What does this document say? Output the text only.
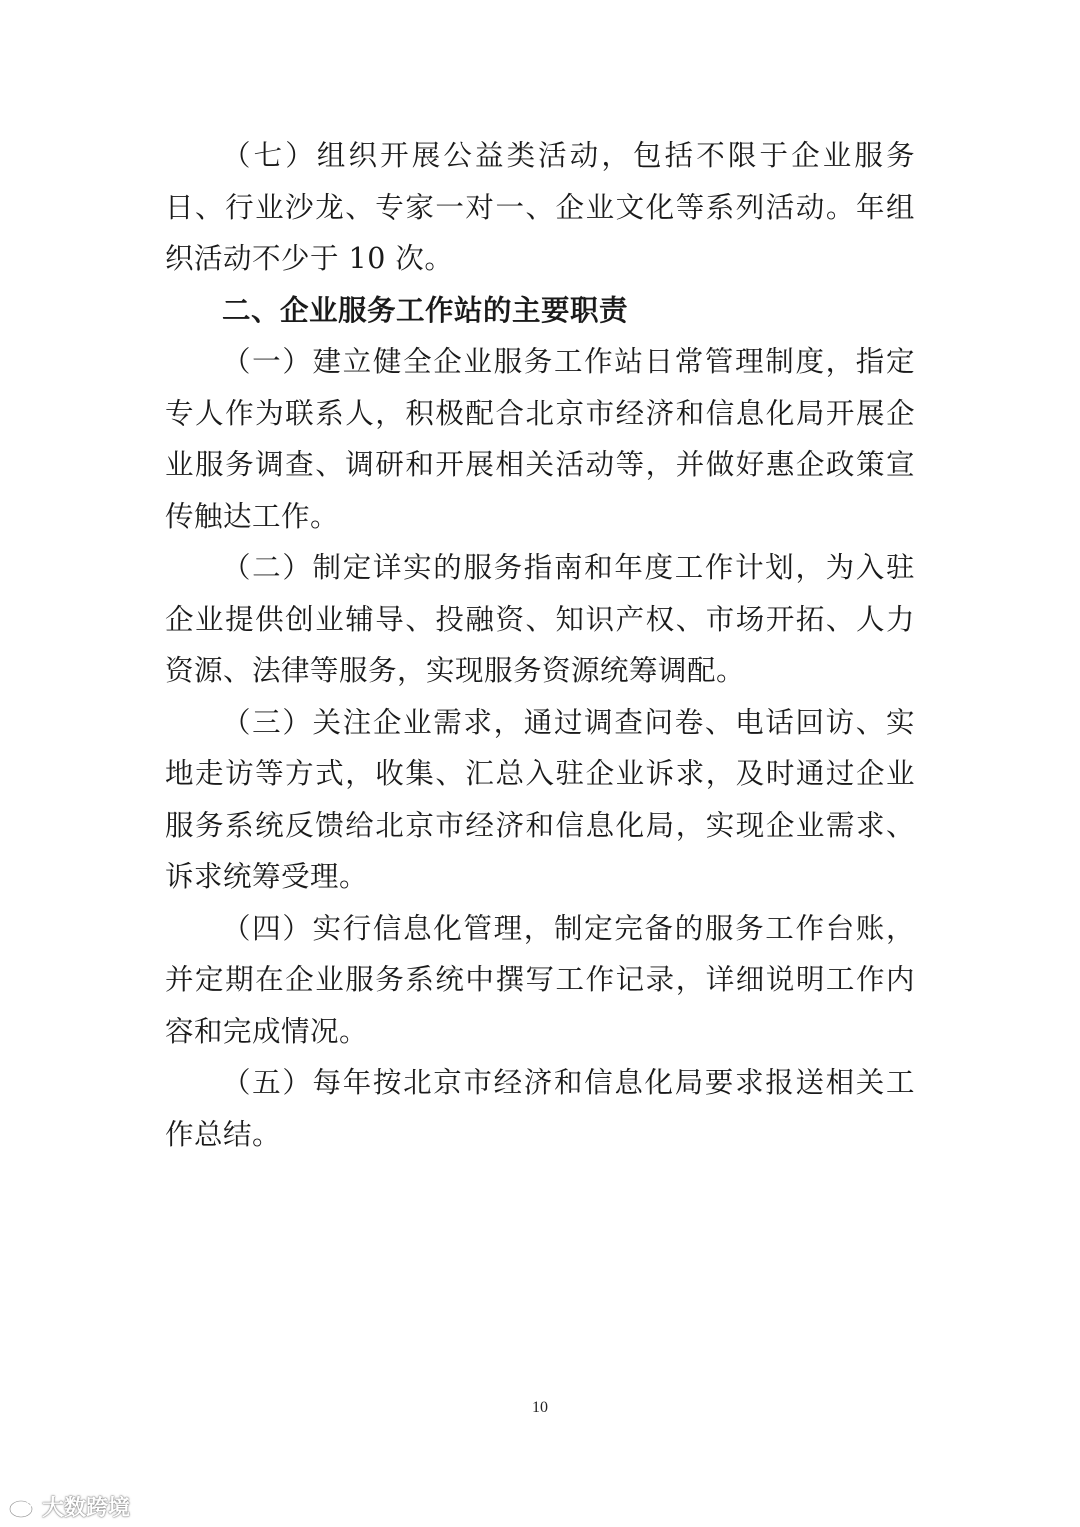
（七）组织开展公益类活动，包括不限于企业服务日、行业沙龙、专家一对一、企业文化等系列活动。年组织活动不少于 10 次。

二、企业服务工作站的主要职责

（一）建立健全企业服务工作站日常管理制度，指定专人作为联系人，积极配合北京市经济和信息化局开展企业服务调查、调研和开展相关活动等，并做好惠企政策宣传触达工作。

（二）制定详实的服务指南和年度工作计划，为入驻企业提供创业辅导、投融资、知识产权、市场开拓、人力资源、法律等服务，实现服务资源统筹调配。

（三）关注企业需求，通过调查问卷、电话回访、实地走访等方式，收集、汇总入驻企业诉求，及时通过企业服务系统反馈给北京市经济和信息化局，实现企业需求、诉求统筹受理。

（四）实行信息化管理，制定完备的服务工作台账，并定期在企业服务系统中撰写工作记录，详细说明工作内容和完成情况。

（五）每年按北京市经济和信息化局要求报送相关工作总结。

10
大数跨境
